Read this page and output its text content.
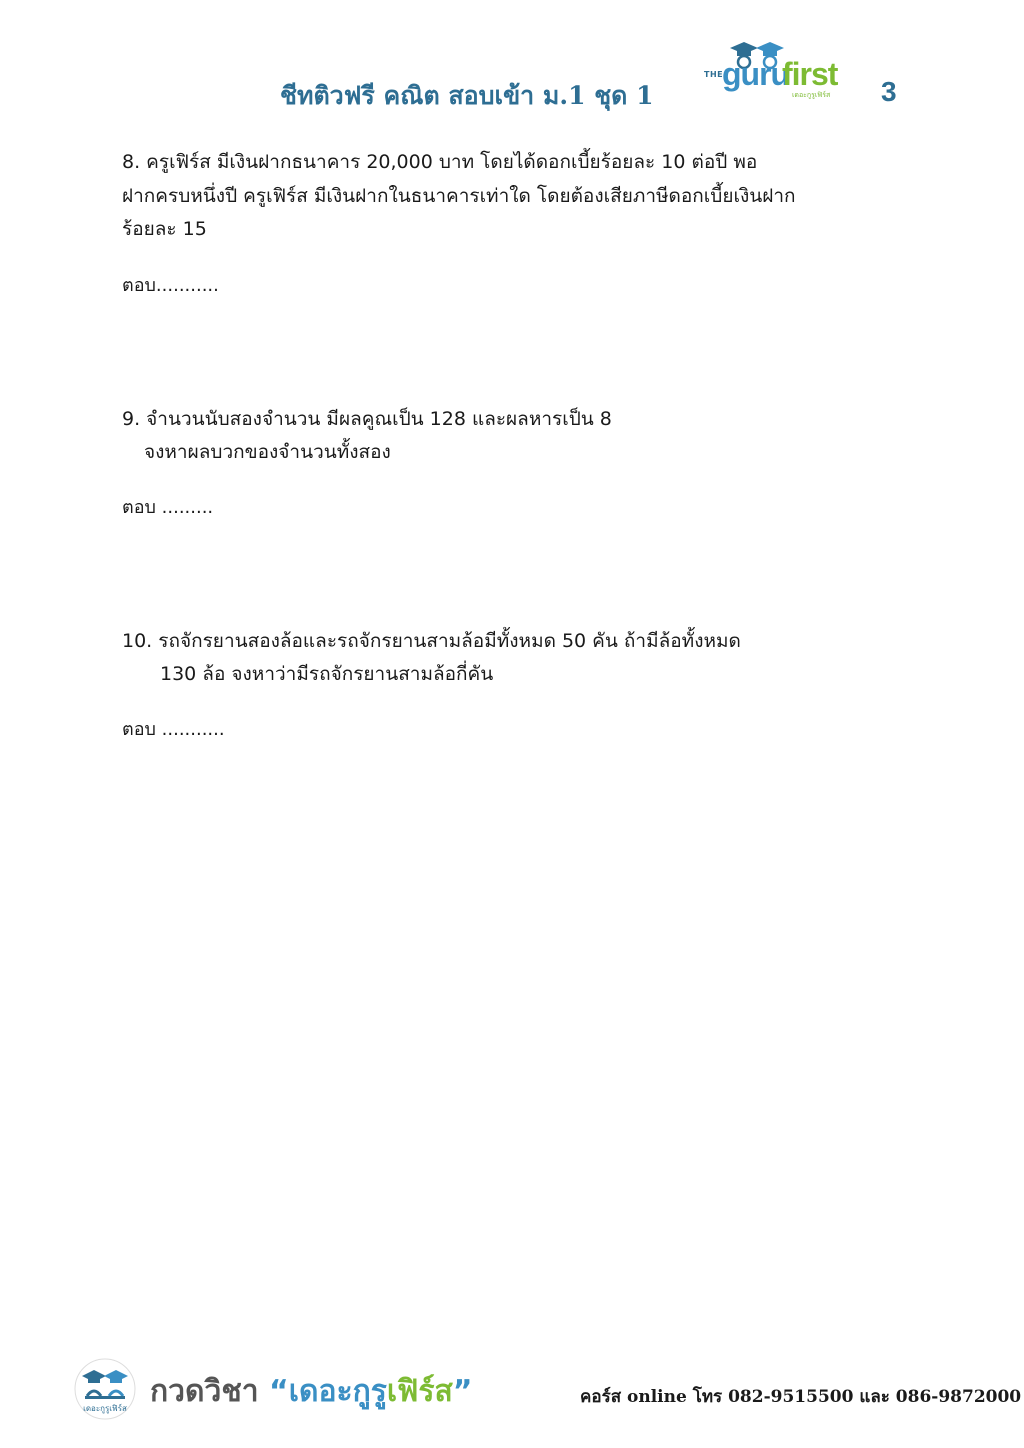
ชีทติวฟรี คณิต สอบเข้า ม.1 ชุด 1
THE
guru
first
เดอะกูรูเฟิร์ส 3
8. ครูเฟิร์ส มีเงินฝากธนาคาร 20,000 บาท โดยได้ดอกเบี้ยร้อยละ 10 ต่อปี พอ
ฝากครบหนึ่งปี ครูเฟิร์ส มีเงินฝากในธนาคารเท่าใด โดยต้องเสียภาษีดอกเบี้ยเงินฝาก
ร้อยละ 15
ตอบ...........
9. จำนวนนับสองจำนวน มีผลคูณเป็น 128 และผลหารเป็น 8
จงหาผลบวกของจำนวนทั้งสอง
ตอบ .........
10. รถจักรยานสองล้อและรถจักรยานสามล้อมีทั้งหมด 50 คัน ถ้ามีล้อทั้งหมด
130 ล้อ จงหาว่ามีรถจักรยานสามล้อกี่คัน
ตอบ ...........
เดอะกูรูเฟิร์ส กวดวิชา “เดอะกูรูเฟิร์ส”	คอร์ส online โทร 082-9515500 และ 086-9872000
